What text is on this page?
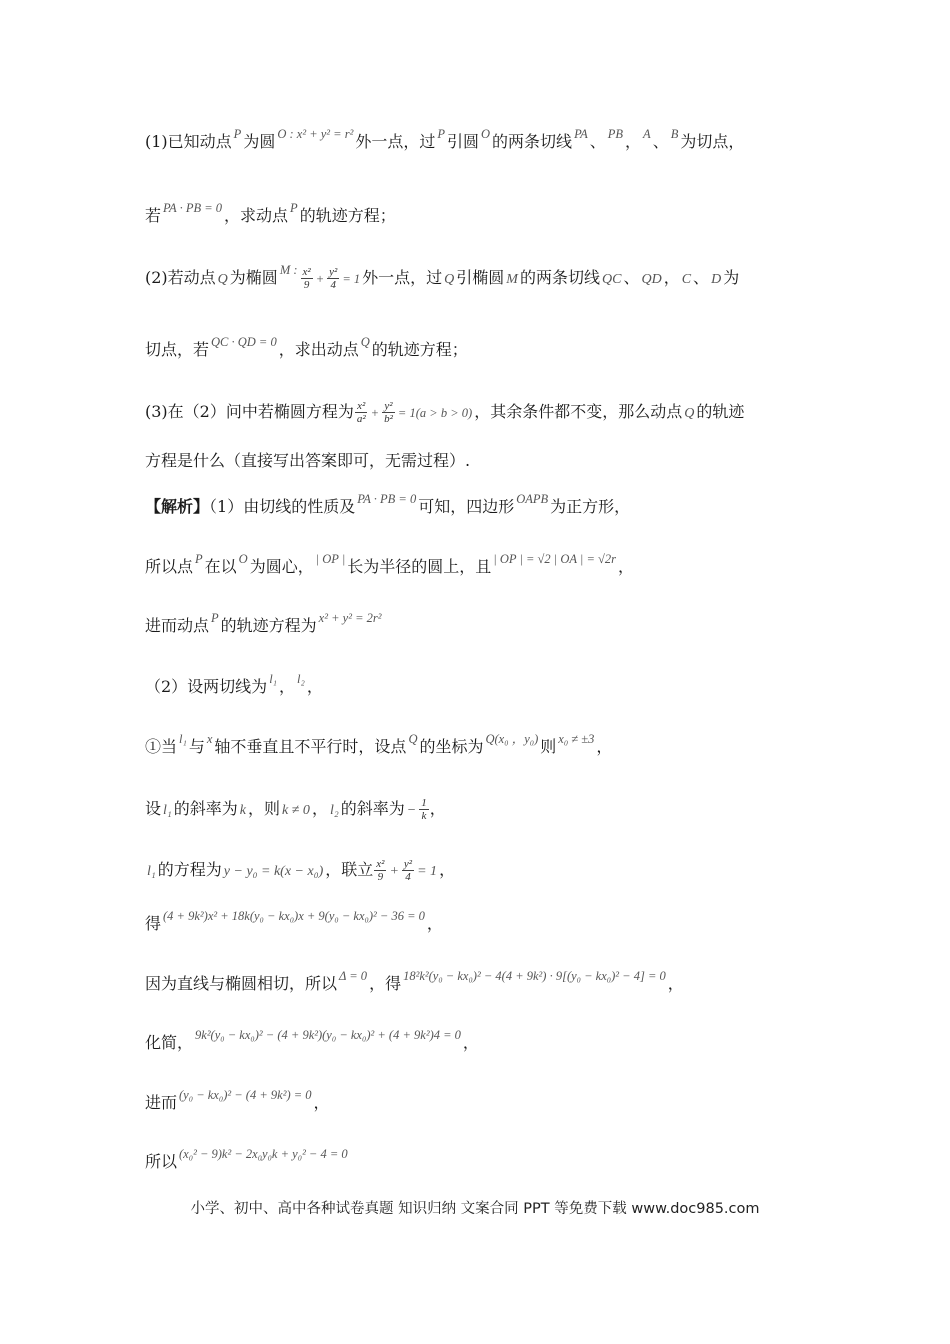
(1)已知动点 $^P$ 为圆 $^{O : x^2 + y^2 = r^2}$ 外一点，过 $^P$ 引圆 $^O$ 的两条切线 $^{PA}$ 、 $^{PB}$ ， $^A$ 、 $^B$ 为切点，
若 $^{PA \cdot PB = 0}$ ，求动点 $^P$ 的轨迹方程；
(2)若动点 Q 为椭圆 $^{M :} \frac{\text{x²}}{9} + \frac{\text{y²}}{4} = 1$ 外一点，过 Q 引椭圆 M 的两条切线 QC 、 QD ， C 、 D 为
切点，若 $^{QC \cdot QD = 0}$ ，求出动点 $^Q$ 的轨迹方程；
(3)在（2）问中若椭圆方程为 $\frac{\text{x²}}{\text{a²}} + \frac{\text{y²}}{\text{b²}} = 1(a > b > 0)$ ，其余条件都不变，那么动点 Q 的轨迹
方程是什么（直接写出答案即可，无需过程）.
【解析】（1）由切线的性质及 $^{PA \cdot PB = 0}$ 可知，四边形 $^{OAPB}$ 为正方形，
所以点 $^P$ 在以 $^O$ 为圆心， $^{| OP |}$ 长为半径的圆上，且 $^{| OP | = √2 | OA | = √2r}$ ，
进而动点 $^P$ 的轨迹方程为 $^{x^2 + y^2 = 2r^2}$
（2）设两切线为 $^{l_1}$ ， $^{l_2}$ ，
①当 $^{l_1}$ 与 $^x$ 轴不垂直且不平行时，设点 $^Q$ 的坐标为 $^{Q(x_0 ,y_0)}$ 则 $^{x_0 \ne \pm 3}$ ，
设 l₁ 的斜率为 k ，则 k ≠ 0 ， l₂ 的斜率为 − $\frac{1}{k}$ ，
l₁ 的方程为 y − y₀ = k(x − x₀) ，联立 $\frac{\text{x²}}{9} + \frac{\text{y²}}{4} = 1$ ，
得 $^{(4 + 9k^2)x^2 + 18k(y_0 - kx_0)x + 9(y_0 - kx_0)^2 - 36 = 0}$ ，
因为直线与椭圆相切，所以 $^{\Delta = 0}$ ，得 $^{18^2k^2(y_0 - kx_0)^2 - 4(4 + 9k^2) \cdot 9[(y_0 - kx_0)^2 - 4] = 0}$ ，
化简， $^{9k^2(y_0 - kx_0)^2 - (4 + 9k^2)(y_0 - kx_0)^2 + (4 + 9k^2)4 = 0}$ ，
进而 $^{(y_0 - kx_0)^2 - (4 + 9k^2) = 0}$ ，
所以 $^{(x_0^2 - 9)k^2 - 2x_0y_0k + y_0^2 - 4 = 0}$
小学、初中、高中各种试卷真题 知识归纳 文案合同 PPT 等免费下载 www.doc985.com
